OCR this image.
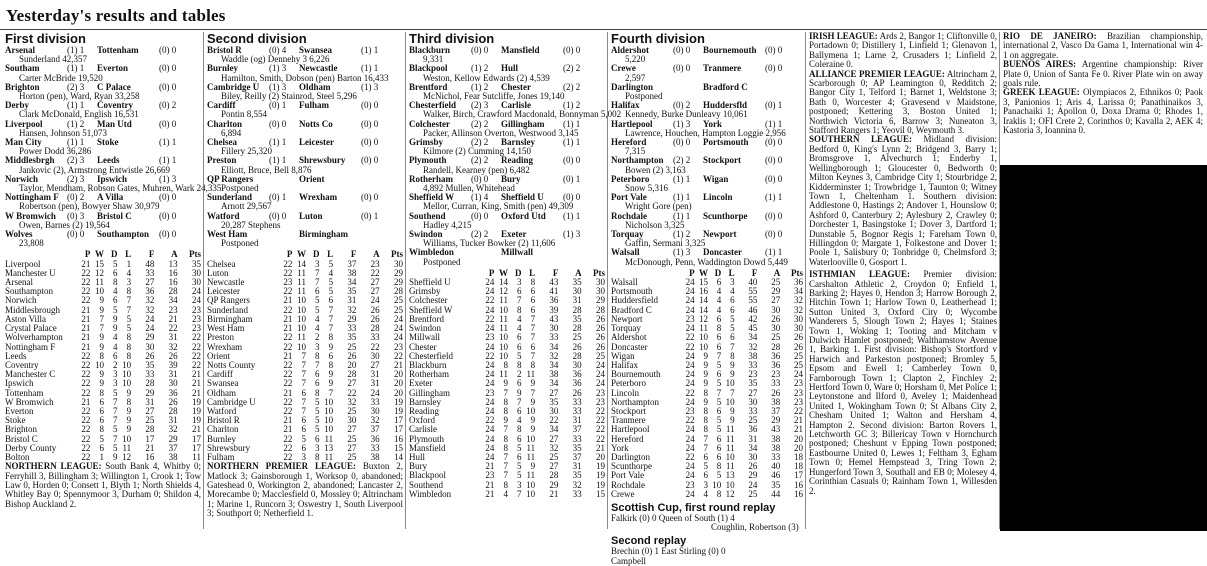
Yesterday's results and tables
First division
Arsenal	(1) 1	Tottenham	(0) 0
Sunderland 42,357
Southam	(1) 1	Everton	(0) 0
Carter McBride 19,520
Brighton	(2) 3	C Palace	(0) 0
Horton (pen), Ward, Ryan 33,258
Derby	(1) 1	Coventry	(0) 2
Clark McDonald, English 16,531
Liverpool	(1) 2	Man Utd	(0) 0
Hansen, Johnson 51,073
Man City	(1) 1	Stoke	(1) 1
Power Dodd 36,286
Middlesbrgh	(2) 3	Leeds	(1) 1
Jankovic (2), Armstrong Entwistle 26,669
Norwich	(2) 3	Ipswich	(1) 3
Taylor, Mendham, Robson Gates, Muhren, Wark 24,335
Nottingham F (0) 2	A Villa	(0) 0
Robertson (pen), Bowyer Shaw 30,979
W Bromwich	(0) 3	Bristol C	(0) 0
Owen, Barnes (2) 19,564
Wolves	(0) 0	Southampton	(0) 0
23,808
P W D L	F	A	Pts
Liverpool	21 15	5	1	48	13	35
Manchester U	22 12	6	4	33	16	30
Arsenal	22 11	8	3	27	16	30
Southampton	22 10	4	8	36	28	24
Norwich	22	9	6	7	32	34	24
Middlesbrough	21	9	5	7	32	23	23
Aston Villa	21	7	9	5	24	21	23
Crystal Palace	21	7	9	5	24	22	23
Wolverhampton	21	9	4	8	29	31	22
Nottingham F	21	9	4	8	30	32	22
Leeds	22	8	6	8	26	26	22
Coventry	22 10	2 10	35	39	22
Manchester C	22	9	3 10	33	31	21
Ipswich	22	9	3 10	28	30	21
Tottenham	22	8	5	9	29	36	21
W Bromwich	21	6	7	8	31	26	19
Everton	22	6	7	9	27	28	19
Stoke	22	6	7	9	25	31	19
Brighton	22	8	5	9	28	32	21
Bristol C	22	5	7 10	17	29	17
Derby County	22	6	5 11	21	37	17
Bolton	22	1	9 12	16	38	11
NORTHERN LEAGUE: South Bank 4, Whitby 0; Ferryhill 3, Billingham 3; Willington 1, Crook 1; Tow Law 0, Horden 0; Consett 1, Blyth 1; North Shields 4, Whitley Bay 0; Spennymoor 3, Durham 0; Shildon 4, Bishop Auckland 2.
Second division
Bristol R	(0) 4	Swansea	(1) 1
Waddle (og) Dennehy 3 6,226
Burnley	(1) 3	Newcastle	(1) 1
Hamilton, Smith, Dobson (pen) Barton 16,433
Cambridge U	(1) 3	Oldham	(1) 3
Biley, Reilly (2) Stainrod, Steel 5,296
Cardiff	(0) 1	Fulham	(0) 0
Pontin 8,554
Charlton	(0) 0	Notts Co	(0) 0
6,894
Chelsea	(1) 1	Leicester	(0) 0
Fillery 25,320
Preston	(1) 1	Shrewsbury	(0) 0
Elliott, Bruce, Bell 8,876
QP Rangers	Orient
Postponed
Sunderland	(0) 1	Wrexham	(0) 0
Arnott 29,567
Watford	(0) 0	Luton	(0) 1
20,287 Stephens
West Ham	Birmingham
Postponed
P W D L	F	A	Pts
Chelsea	22 14	3	5	37	23	30
Luton	22 11	7	4	38	22	29
Newcastle	23 11	7	5	34	27	29
Leicester	22 11	6	5	35	27	28
QP Rangers	21 10	5	6	31	24	25
Sunderland	22 10	5	7	32	26	25
Birmingham	21 10	4	7	29	26	24
West Ham	21 10	4	7	33	28	24
Preston	22 11	2	8	35	33	24
Wrexham	22 10	3	9	25	22	23
Orient	21	7	8	6	26	30	22
Notts County	22	7	7	8	20	27	21
Cardiff	22	7	6	9	28	31	20
Swansea	22	7	6	9	27	31	20
Oldham	21	6	8	7	22	24	20
Cambridge U	22	7	5 10	32	33	19
Watford	22	7	5 10	25	30	19
Bristol R	21	6	5 10	30	32	17
Charlton	21	6	5 10	27	37	17
Burnley	22	5	6 11	25	36	16
Shrewsbury	22	6	3 13	27	33	15
Fulham	22	3	8 11	25	38	14
NORTHERN PREMIER LEAGUE: Buxton 2, Matlock 3; Gainsborough 1, Worksop 0, abandoned; Gateshead 0, Workington 2, abandoned; Lancaster 2, Morecambe 0; Macclesfield 0, Mossley 0; Altrincham 1; Marine 1, Runcorn 3; Oswestry 1, South Liverpool 3; Southport 0; Netherfield 1.
Third division
Blackburn	(0) 0	Mansfield	(0) 0
9,331
Blackpool	(1) 2	Hull	(2) 2
Weston, Kellow Edwards (2) 4,539
Brentford	(1) 2	Chester	(2) 2
McNichol, Fear Sutcliffe, Jones 19,140
Chesterfield	(2) 3	Carlisle	(1) 2
Walker, Birch, Crawford Macdonald, Bonnyman 5,002
Colchester	(2) 2	Gillingham	(1) 1
Packer, Allinson Overton, Westwood 3,145
Grimsby	(2) 2	Barnsley	(1) 1
Kilmore (2) Cumming 14,150
Plymouth	(2) 2	Reading	(0) 0
Randell, Kearney (pen) 6,482
Rotherham	(0) 0	Bury	(0) 1
4,892 Mullen, Whitehead
Sheffield W	(1) 4	Sheffield U	(0) 0
Mellor, Curran, King, Smith (pen) 49,309
Southend	(0) 0	Oxford Utd	(1) 1
Hadley 4,215
Swindon	(2) 2	Exeter	(1) 3
Williams, Tucker Bowker (2) 11,606
Wimbledon	Millwall
Postponed
P W D L	F	A	Pts
Sheffield U	24 14	3	8	43	35	30
Grimsby	24 12	6	6	41	30	30
Colchester	22 11	7	6	36	31	29
Sheffield W	24 10	8	6	39	28	28
Brentford	22 11	4	7	43	35	26
Swindon	24 11	4	7	30	28	26
Millwall	23 10	6	7	33	25	26
Chester	24 10	6	6	34	26	26
Chesterfield	22 10	5	7	32	28	25
Blackburn	24	8	8	8	34	30	24
Rotherham	24 11	2 11	38	36	24
Exeter	24	9	6	9	34	36	24
Gillingham	23	7	9	7	27	26	23
Barnsley	24	8	7	9	35	33	23
Reading	24	8	6 10	30	33	22
Oxford	22	9	4	9	22	31	22
Carlisle	24	7	8	9	34	37	22
Plymouth	24	8	6 10	27	33	22
Mansfield	24	8	5 11	32	35	21
Hull	24	7	6 11	25	37	20
Bury	21	7	5	9	27	31	19
Blackpool	23	7	5 11	28	35	19
Southend	21	8	3 10	29	32	19
Wimbledon	21	4	7 10	21	33	15
Fourth division
Aldershot	(0) 0	Bournemouth (0) 0
5,220
Crewe	(0) 0	Tranmere	(0) 0
2,597
Darlington	Bradford C
Postponed
Halifax	(0) 2	Huddersfld	(0) 1
Kennedy, Burke Dunleavy 10,061
Hartlepool	(1) 3	York	(1) 1
Lawrence, Houchen, Hampton Loggie 2,956
Hereford	(0) 0	Portsmouth	(0) 0
7,315
Northampton	(2) 2	Stockport	(0) 0
Bowen (2) 3,163
Peterboro	(1) 1	Wigan	(0) 0
Snow 5,316
Port Vale	(1) 1	Lincoln	(1) 1
Wright Gore (pen)
Rochdale	(1) 1	Scunthorpe	(0) 0
Nicholson 3,325
Torquay	(1) 2	Newport	(0) 0
Gaffin, Sermani 3,325
Walsall	(1) 3	Doncaster	(1) 1
McDonough, Penn, Waddington Dowd 5,449
P W D L	F	A	Pts
Walsall	24 15 6 3	40	25	36
Portsmouth	24 16 4 4	55	29	34
Huddersfield	24 14 4 6	55	27	32
Bradford C	24 14 4 6	46	30	32
Newport	23 12 6 5	42	26	30
Torquay	24 11 8 5	45	30	30
Aldershot	22 10 6 6	34	25	26
Doncaster	22 10 6 7	32	28	26
Wigan	24 9 7 8	38	36	25
Halifax	24 9 5 9	33	36	25
Bournemouth	24 9 6 9	23	23	24
Peterboro	24 9 5 10	35	33	23
Lincoln	22 8 7 7	27	26	23
Northampton	24 9 5 10	30	38	23
Stockport	23 8 6 9	33	37	22
Tranmere	22 8 5 9	25	29	21
Hartlepool	24 8 5 11	36	43	21
Hereford	24 7 6 11	31	38	20
York	24 7 6 11	34	38	20
Darlington	22 6 6 10	30	33	18
Scunthorpe	24 5 8 11	26	40	18
Port Vale	24 6 5 13	29	46	17
Rochdale	23 3 10 10	24	35	16
Crewe	24 4 8 12	25	44	16
Scottish Cup, first round replay
Falkirk (0) 0 Queen of South (1) 4
Coughlin, Robertson (3)
Second replay
Brechin (0) 1 East Stirling (0) 0
Campbell
IRISH LEAGUE: Ards 2, Bangor 1; Cliftonville 0, Portadown 0; Distillery 1, Linfield 1; Glenavon 1, Ballymena 1; Larne 2, Crusaders 1; Linfield 2, Coleraine 0.
ALLIANCE PREMIER LEAGUE: Altrincham 2, Scarborough 0; AP Leamington 0, Redditch 2; Bangor City 1, Telford 1; Barnet 1, Weldstone 3; Bath 0, Worcester 4; Gravesend v Maidstone, postponed; Kettering 3, Boston United 1; Northwich Victoria 6, Barrow 3; Nuneaton 3, Stafford Rangers 1; Yeovil 0, Weymouth 3.
SOUTHERN LEAGUE: Midland division: Bedford 0, King's Lynn 2; Bridgend 3, Barry 1; Bromsgrove 1, Alvechurch 1; Enderby 1, Wellingborough 1; Gloucester 0, Bedworth 0; Milton Keynes 3, Cambridge City 1; Stourbridge 2, Kidderminster 1; Trowbridge 1, Taunton 0; Witney Town 1, Cheltenham 1. Southern division: Addlestone 0, Hastings 2; Andover 1, Hounslow 0; Ashford 0, Canterbury 2; Aylesbury 2, Crawley 0; Dorchester 1, Basingstoke 1; Dover 3, Dartford 1; Dunstable 5, Bognor Regis 1; Fareham Town 0, Hillingdon 0; Margate 1, Folkestone and Dover 1; Poole 1, Salisbury 0; Tonbridge 0, Chelmsford 3; Waterlooville 0, Gosport 1.
ISTHMIAN LEAGUE: Premier division: Carshalton Athletic 2, Croydon 0; Enfield 1, Barking 2; Hayes 0, Hendon 3; Harrow Borough 2, Hitchin Town 1; Harlow Town 0, Leatherhead 1; Sutton United 3, Oxford City 0; Wycombe Wanderers 5, Slough Town 2; Hayes 1; Staines Town 1, Woking 1; Tooting and Mitcham v Dulwich Hamlet postponed; Walthamstow Avenue 1, Barking 1. First division: Bishop's Stortford v Harwich and Parkeston postponed; Bromley 5, Epsom and Ewell 1; Camberley Town 0, Farnborough Town 1; Clapton 2, Finchley 2; Hertford Town 0, Ware 0; Horsham 0, Met Police 1; Leytonstone and Ilford 0, Aveley 1; Maidenhead United 1, Wokingham Town 0; St Albans City 2, Chesham United 1; Walton and Hersham 4, Hampton 2. Second division: Barton Rovers 1, Letchworth GC 3; Billericay Town v Hornchurch postponed; Cheshunt v Epping Town postponed; Eastbourne United 0, Lewes 1; Feltham 3, Egham Town 0; Hemel Hempstead 3, Tring Town 2; Hungerford Town 3, Southall and EB 0; Molesey 4, Corinthian Casuals 0; Rainham Town 1, Willesden 2.
RIO DE JANEIRO: Brazilian championship, international 2, Vasco Da Gama 1, International win 4-1 on aggregate.
BUENOS AIRES: Argentine championship: River Plate 0, Union of Santa Fe 0. River Plate win on away goals rule.
GREEK LEAGUE: Olympiacos 2, Ethnikos 0; Paok 3, Panionios 1; Aris 4, Larissa 0; Panathinaikos 3, Panachaiki 1; Apollon 0, Doxa Drama 0; Rhodes 1, Iraklis 1; OFI Crete 2, Corinthos 0; Kavalla 2, AEK 4; Kastoria 3, Ioannina 0.
